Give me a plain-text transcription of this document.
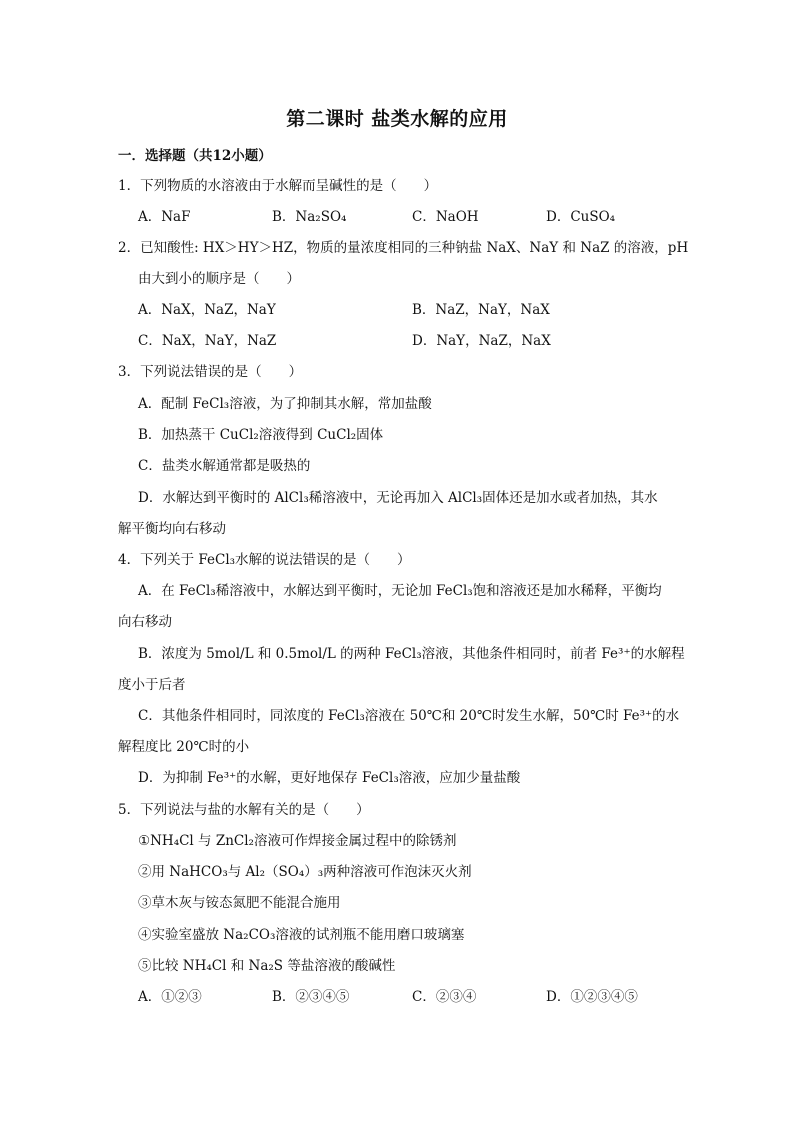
第二课时 盐类水解的应用
一．选择题（共12小题）
1．下列物质的水溶液由于水解而呈碱性的是（　　）
A．NaF	B．Na₂SO₄	C．NaOH	D．CuSO₄
2．已知酸性: HX＞HY＞HZ，物质的量浓度相同的三种钠盐 NaX、NaY 和 NaZ 的溶液，pH
由大到小的顺序是（　　）
A．NaX，NaZ，NaY	B．NaZ，NaY，NaX
C．NaX，NaY，NaZ	D．NaY，NaZ，NaX
3．下列说法错误的是（　　）
A．配制 FeCl₃溶液，为了抑制其水解，常加盐酸
B．加热蒸干 CuCl₂溶液得到 CuCl₂固体
C．盐类水解通常都是吸热的
D．水解达到平衡时的 AlCl₃稀溶液中，无论再加入 AlCl₃固体还是加水或者加热，其水
解平衡均向右移动
4．下列关于 FeCl₃水解的说法错误的是（　　）
A．在 FeCl₃稀溶液中，水解达到平衡时，无论加 FeCl₃饱和溶液还是加水稀释，平衡均
向右移动
B．浓度为 5mol/L 和 0.5mol/L 的两种 FeCl₃溶液，其他条件相同时，前者 Fe³⁺的水解程
度小于后者
C．其他条件相同时，同浓度的 FeCl₃溶液在 50℃和 20℃时发生水解，50℃时 Fe³⁺的水
解程度比 20℃时的小
D．为抑制 Fe³⁺的水解，更好地保存 FeCl₃溶液，应加少量盐酸
5．下列说法与盐的水解有关的是（　　）
①NH₄Cl 与 ZnCl₂溶液可作焊接金属过程中的除锈剂
②用 NaHCO₃与 Al₂（SO₄）₃两种溶液可作泡沫灭火剂
③草木灰与铵态氮肥不能混合施用
④实验室盛放 Na₂CO₃溶液的试剂瓶不能用磨口玻璃塞
⑤比较 NH₄Cl 和 Na₂S 等盐溶液的酸碱性
A．①②③	B．②③④⑤	C．②③④	D．①②③④⑤
